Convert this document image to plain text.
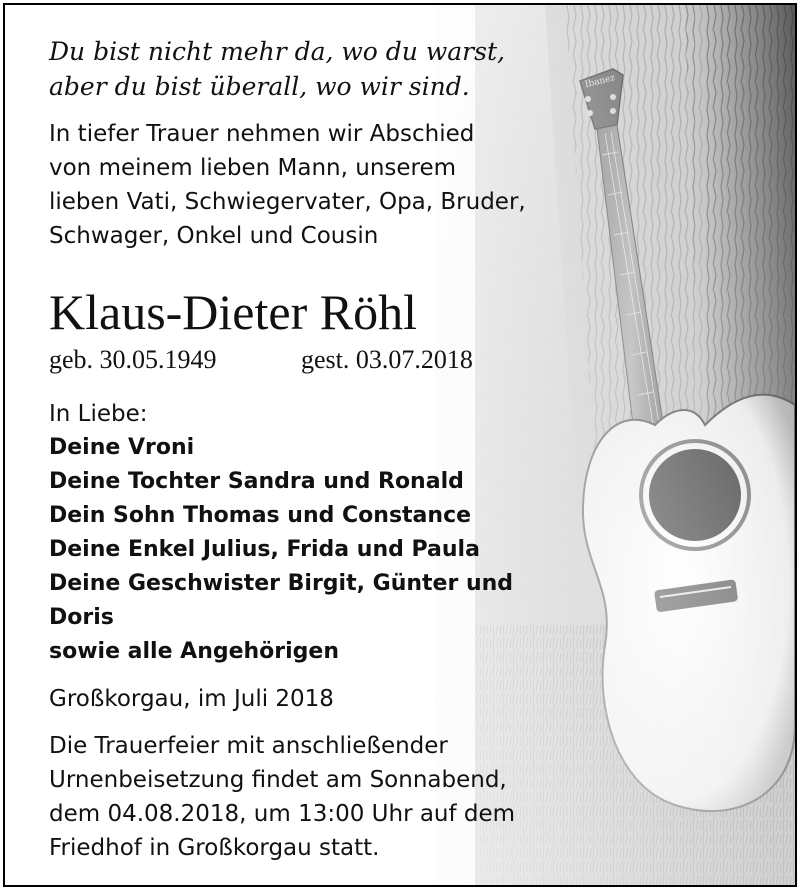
Du bist nicht mehr da, wo du warst,
aber du bist überall, wo wir sind.
In tiefer Trauer nehmen wir Abschied
von meinem lieben Mann, unserem
lieben Vati, Schwiegervater, Opa, Bruder,
Schwager, Onkel und Cousin
Klaus-Dieter Röhl
geb. 30.05.1949	gest. 03.07.2018
In Liebe:
Deine Vroni
Deine Tochter Sandra und Ronald
Dein Sohn Thomas und Constance
Deine Enkel Julius, Frida und Paula
Deine Geschwister Birgit, Günter und
Doris
sowie alle Angehörigen
Großkorgau, im Juli 2018
Die Trauerfeier mit anschließender
Urnenbeisetzung findet am Sonnabend,
dem 04.08.2018, um 13:00 Uhr auf dem
Friedhof in Großkorgau statt.
